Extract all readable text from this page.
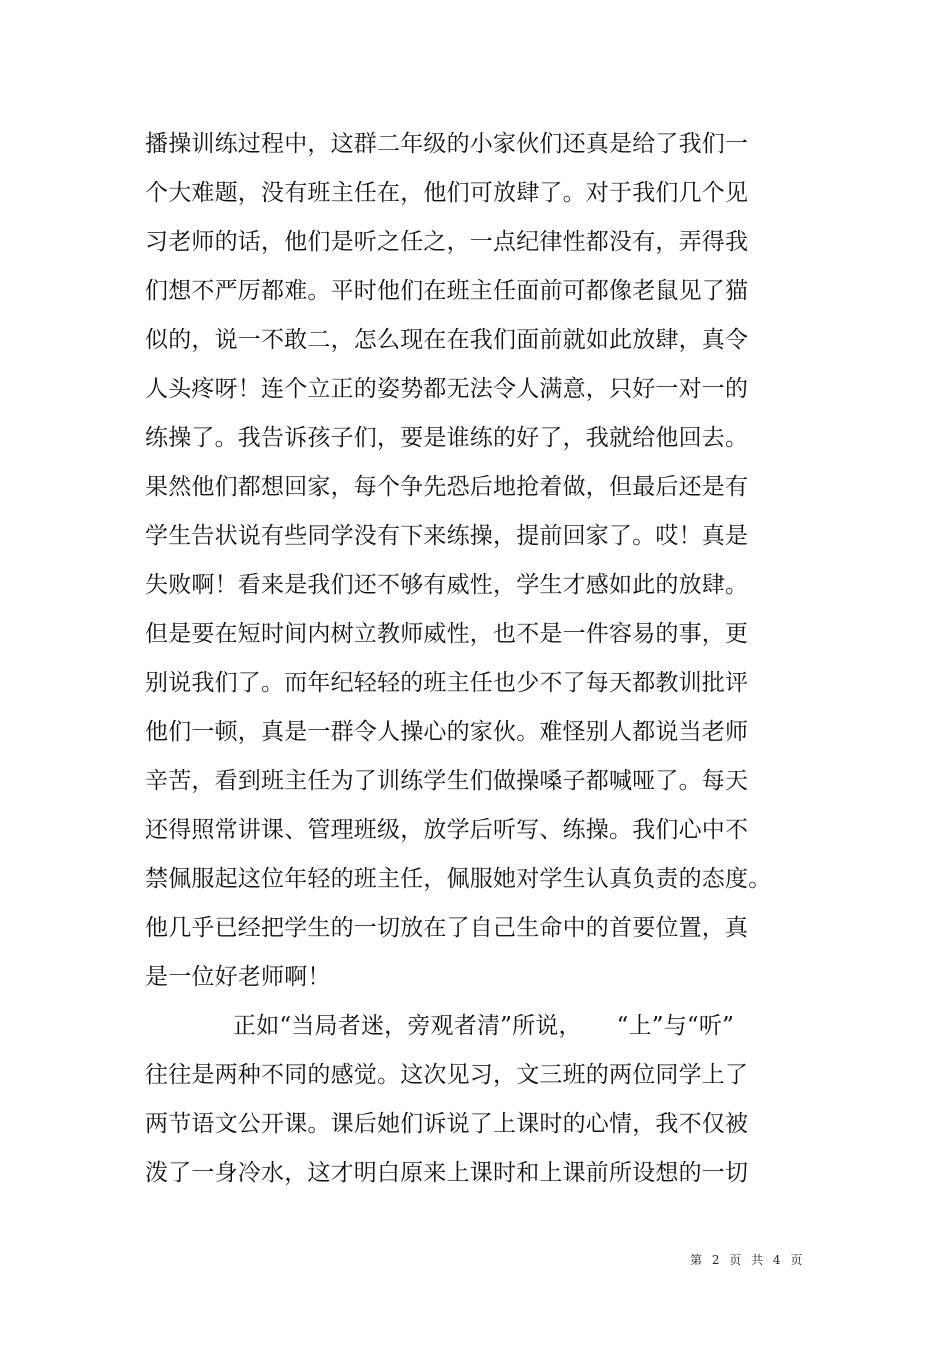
播操训练过程中，这群二年级的小家伙们还真是给了我们一
个大难题，没有班主任在，他们可放肆了。对于我们几个见
习老师的话，他们是听之任之，一点纪律性都没有，弄得我
们想不严厉都难。平时他们在班主任面前可都像老鼠见了猫
似的，说一不敢二，怎么现在在我们面前就如此放肆，真令
人头疼呀！连个立正的姿势都无法令人满意，只好一对一的
练操了。我告诉孩子们，要是谁练的好了，我就给他回去。
果然他们都想回家，每个争先恐后地抢着做，但最后还是有
学生告状说有些同学没有下来练操，提前回家了。哎！真是
失败啊！看来是我们还不够有威性，学生才感如此的放肆。
但是要在短时间内树立教师威性，也不是一件容易的事，更
别说我们了。而年纪轻轻的班主任也少不了每天都教训批评
他们一顿，真是一群令人操心的家伙。难怪别人都说当老师
辛苦，看到班主任为了训练学生们做操嗓子都喊哑了。每天
还得照常讲课、管理班级，放学后听写、练操。我们心中不
禁佩服起这位年轻的班主任，佩服她对学生认真负责的态度。
他几乎已经把学生的一切放在了自己生命中的首要位置，真
是一位好老师啊！
正如“当局者迷，旁观者清”所说，　　“上”与“听”
往往是两种不同的感觉。这次见习，文三班的两位同学上了
两节语文公开课。课后她们诉说了上课时的心情，我不仅被
泼了一身冷水，这才明白原来上课时和上课前所设想的一切
第 2 页 共 4 页
